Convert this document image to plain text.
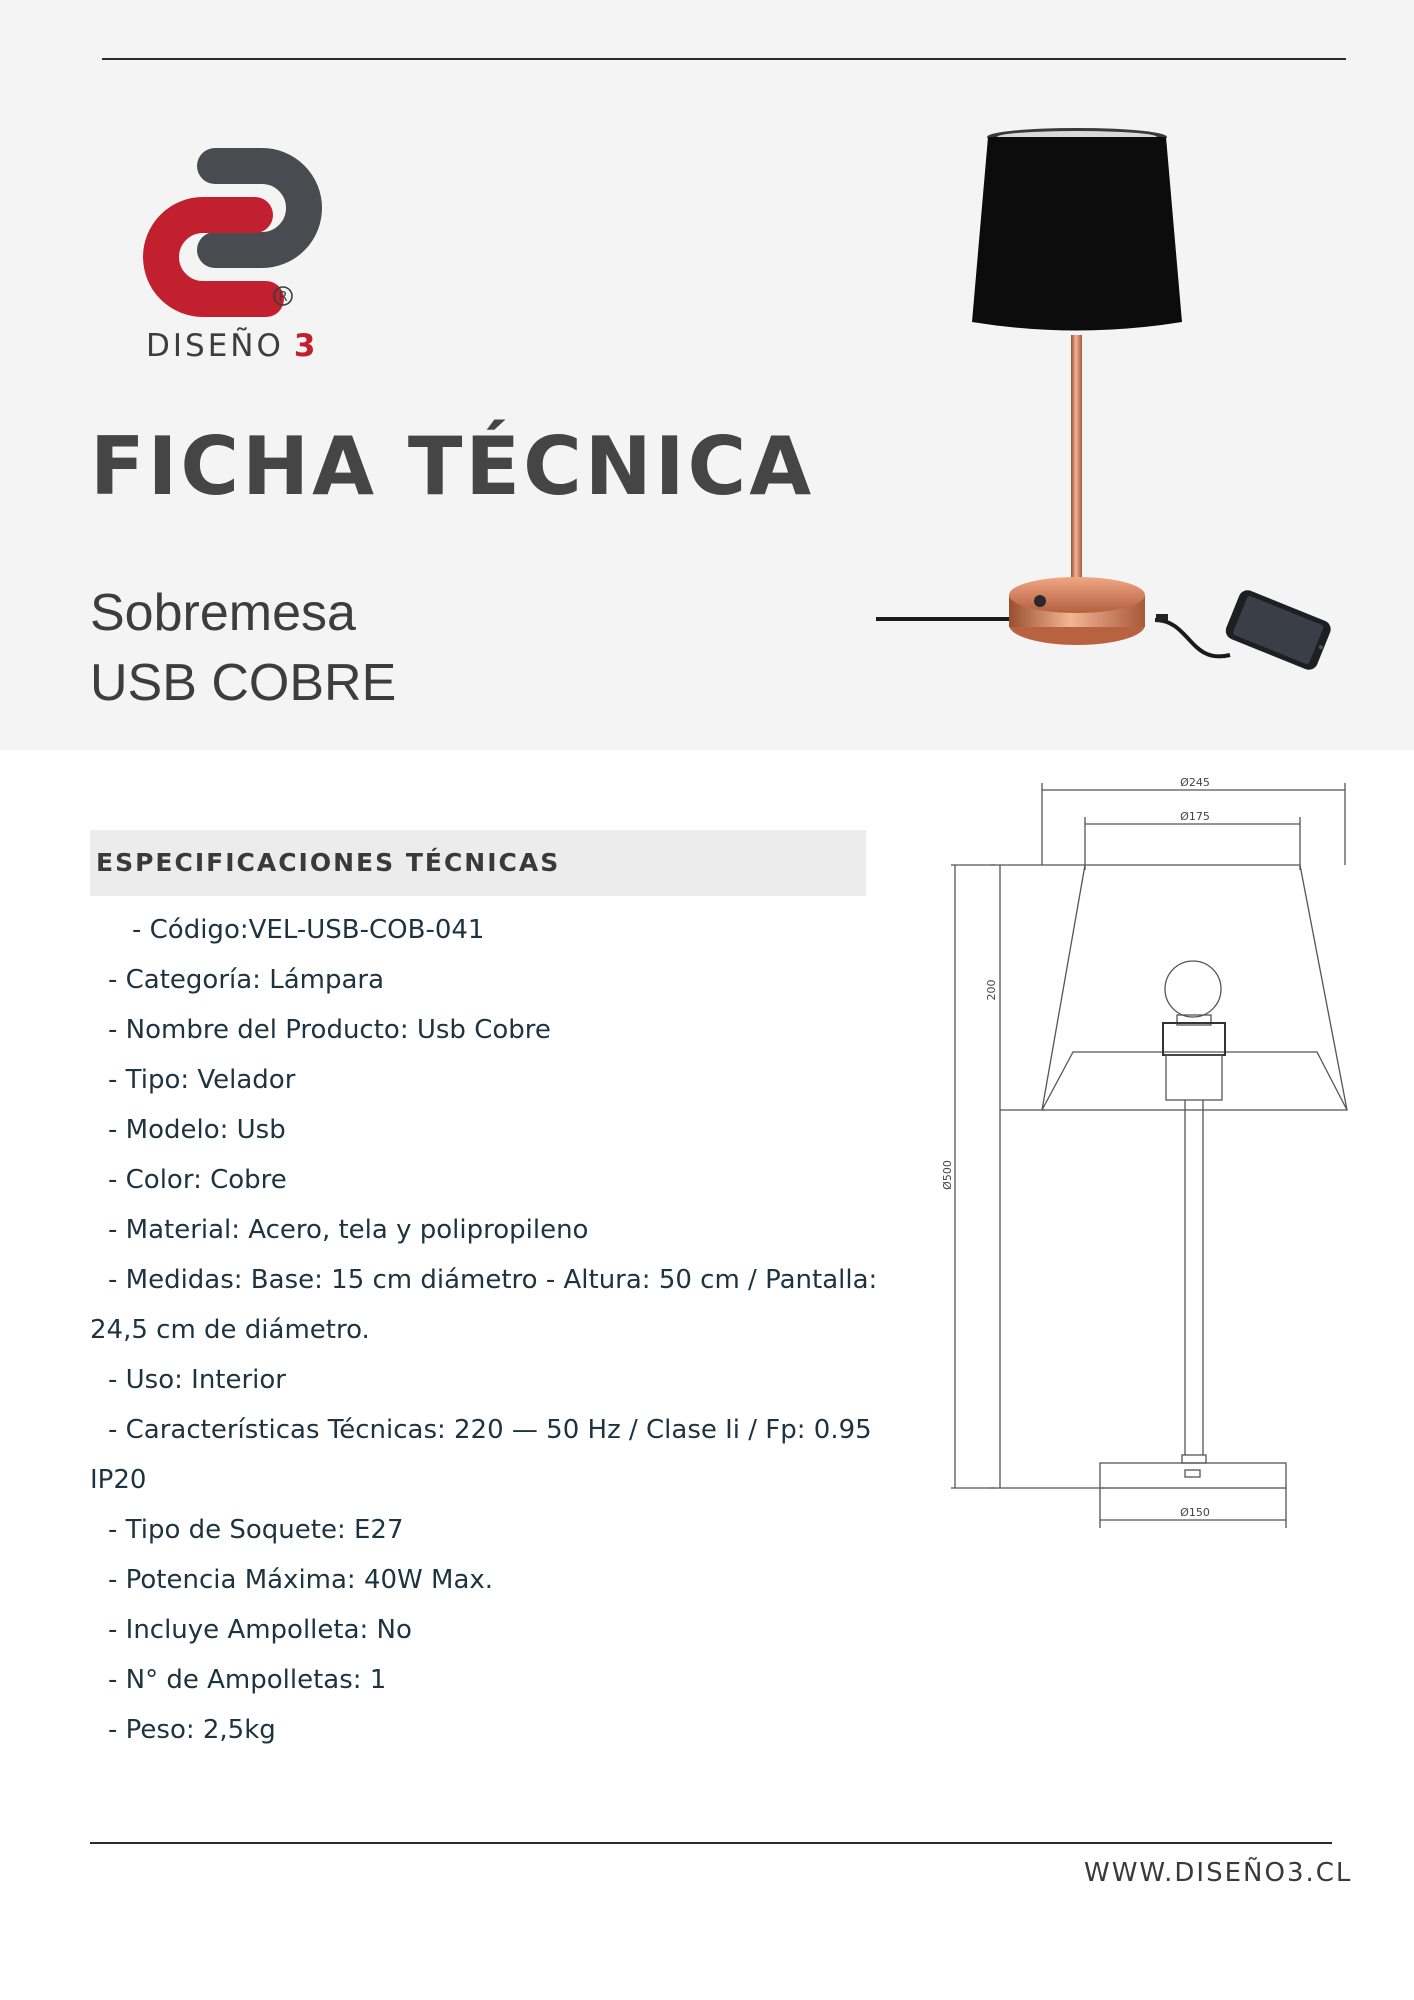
R
DISEÑO 3
FICHA TÉCNICA
Sobremesa
USB COBRE
ESPECIFICACIONES TÉCNICAS
- Código:VEL-USB-COB-041
- Categoría: Lámpara
- Nombre del Producto: Usb Cobre
- Tipo: Velador
- Modelo: Usb
- Color: Cobre
- Material: Acero, tela y polipropileno
- Medidas: Base: 15 cm diámetro - Altura: 50 cm / Pantalla:
24,5 cm de diámetro.
- Uso: Interior
- Características Técnicas: 220 — 50 Hz / Clase Ii / Fp: 0.95
IP20
- Tipo de Soquete: E27
- Potencia Máxima: 40W Max.
- Incluye Ampolleta: No
- N° de Ampolletas: 1
- Peso: 2,5kg
Ø245
Ø175
200
Ø500
Ø150
WWW.DISEÑO3.CL
